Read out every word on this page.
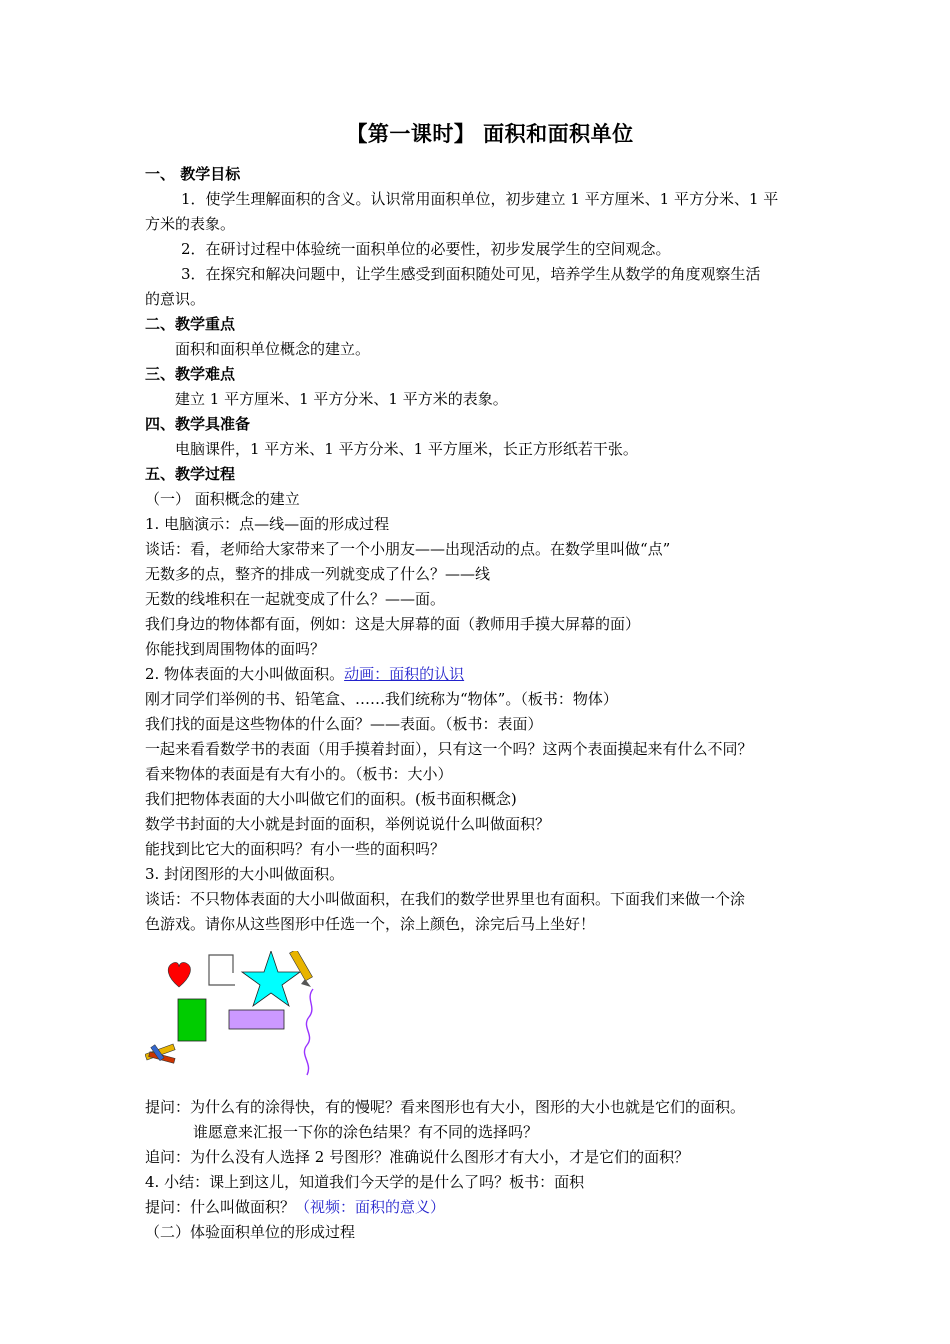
【第一课时】 面积和面积单位
一、 教学目标
1．使学生理解面积的含义。认识常用面积单位，初步建立 1 平方厘米、1 平方分米、1 平
方米的表象。
2．在研讨过程中体验统一面积单位的必要性，初步发展学生的空间观念。
3．在探究和解决问题中，让学生感受到面积随处可见，培养学生从数学的角度观察生活
的意识。
二、教学重点
面积和面积单位概念的建立。
三、教学难点
建立 1 平方厘米、1 平方分米、1 平方米的表象。
四、教学具准备
电脑课件，1 平方米、1 平方分米、1 平方厘米，长正方形纸若干张。
五、教学过程
（一） 面积概念的建立
1. 电脑演示：点—线—面的形成过程
谈话：看，老师给大家带来了一个小朋友——出现活动的点。在数学里叫做“点”
无数多的点，整齐的排成一列就变成了什么？——线
无数的线堆积在一起就变成了什么？——面。
我们身边的物体都有面，例如：这是大屏幕的面（教师用手摸大屏幕的面）
你能找到周围物体的面吗？
2. 物体表面的大小叫做面积。动画：面积的认识
刚才同学们举例的书、铅笔盒、……我们统称为“物体”。（板书：物体）
我们找的面是这些物体的什么面？——表面。（板书：表面）
一起来看看数学书的表面（用手摸着封面），只有这一个吗？这两个表面摸起来有什么不同？
看来物体的表面是有大有小的。（板书：大小）
我们把物体表面的大小叫做它们的面积。(板书面积概念)
数学书封面的大小就是封面的面积，举例说说什么叫做面积？
能找到比它大的面积吗？有小一些的面积吗？
3. 封闭图形的大小叫做面积。
谈话：不只物体表面的大小叫做面积，在我们的数学世界里也有面积。下面我们来做一个涂
色游戏。请你从这些图形中任选一个，涂上颜色，涂完后马上坐好！
提问：为什么有的涂得快，有的慢呢？看来图形也有大小，图形的大小也就是它们的面积。
谁愿意来汇报一下你的涂色结果？有不同的选择吗？
追问：为什么没有人选择 2 号图形？准确说什么图形才有大小，才是它们的面积？
4. 小结：课上到这儿，知道我们今天学的是什么了吗？板书：面积
提问：什么叫做面积？（视频：面积的意义）
（二）体验面积单位的形成过程
